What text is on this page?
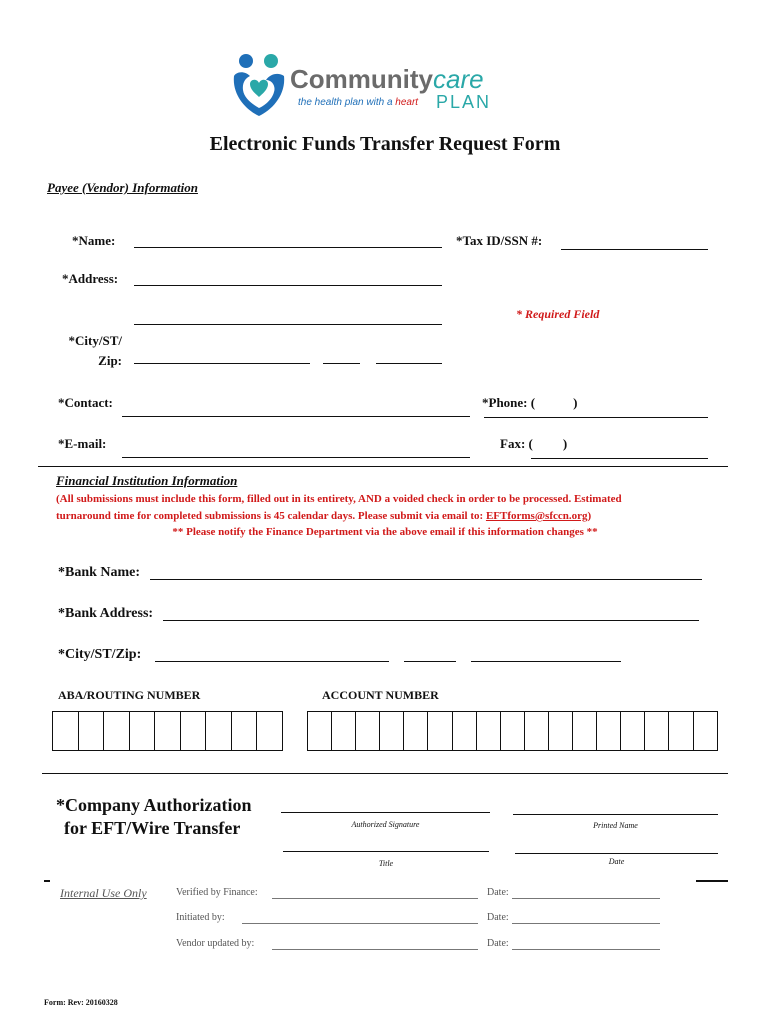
Communitycare
the health plan with a heart PLAN
Electronic Funds Transfer Request Form
Payee (Vendor) Information
*Name:	*Tax ID/SSN #:
*Address:
* Required Field
*City/ST/
Zip:
*Contact:	*Phone: (	)
*E-mail:	Fax: ( )
Financial Institution Information
(All submissions must include this form, filled out in its entirety, AND a voided check in order to be processed. Estimated
turnaround time for completed submissions is 45 calendar days. Please submit via email to: EFTforms@sfccn.org)
** Please notify the Finance Department via the above email if this information changes **
*Bank Name:
*Bank Address:
*City/ST/Zip:
ABA/ROUTING NUMBER	ACCOUNT NUMBER
*Company Authorization
for EFT/Wire Transfer	Authorized Signature	Printed Name
Title	Date
Internal Use Only	Verified by Finance:	Date:
Initiated by:	Date:
Vendor updated by:	Date:
Form: Rev: 20160328
